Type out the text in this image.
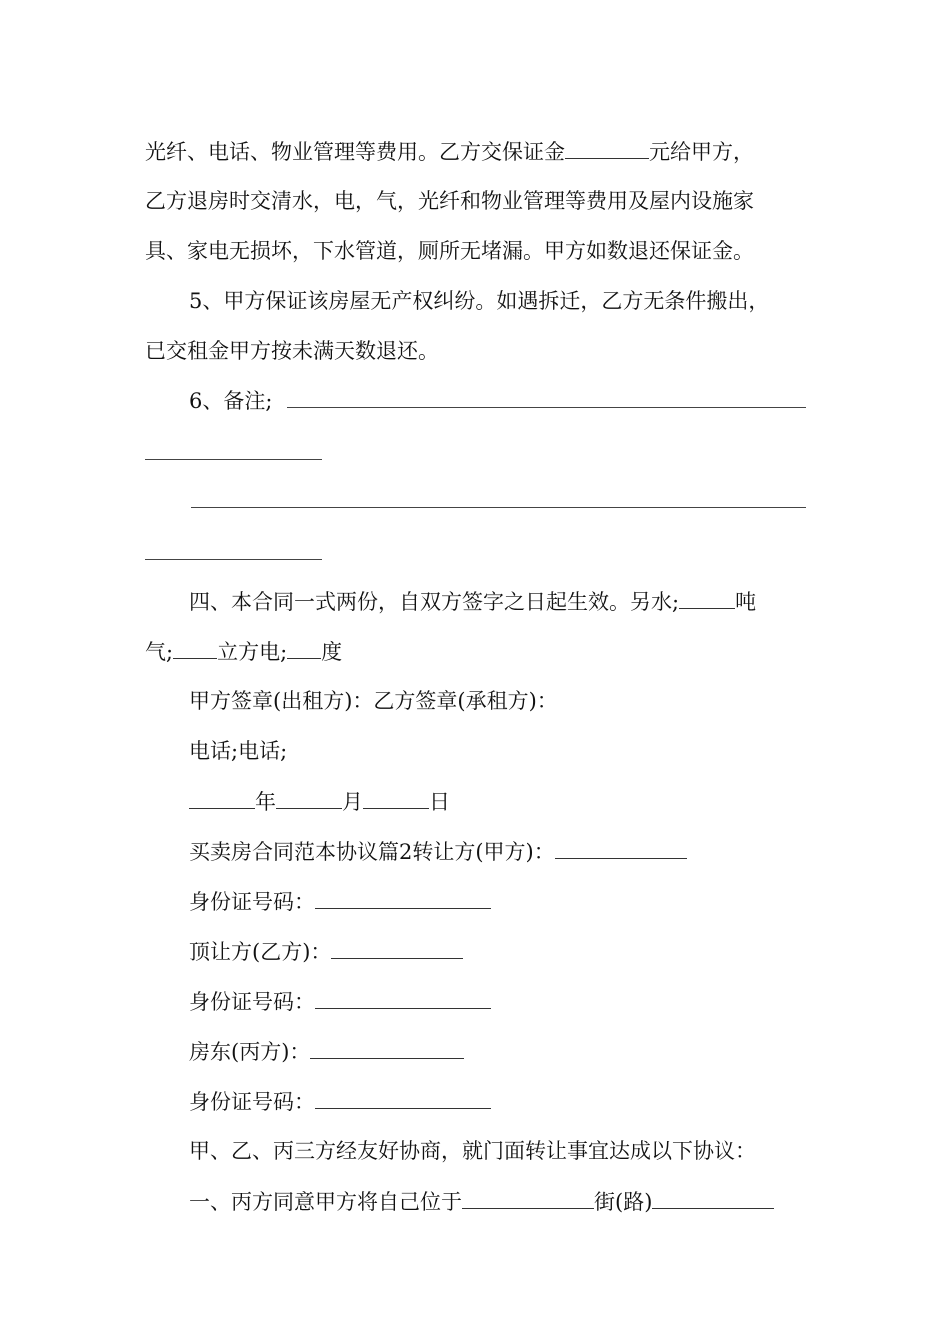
光纤、电话、物业管理等费用。乙方交保证金	元给甲方，
乙方退房时交清水，电，气，光纤和物业管理等费用及屋内设施家
具、家电无损坏，下水管道，厕所无堵漏。甲方如数退还保证金。
5、甲方保证该房屋无产权纠纷。如遇拆迁，乙方无条件搬出，
已交租金甲方按未满天数退还。
6、备注;
四、本合同一式两份，自双方签字之日起生效。另水;	吨
气; 立方电; 度
甲方签章(出租方)：乙方签章(承租方)：
电话;电话;
年	月	日
买卖房合同范本协议篇2转让方(甲方)：
身份证号码：
顶让方(乙方)：
身份证号码：
房东(丙方)：
身份证号码：
甲、乙、丙三方经友好协商，就门面转让事宜达成以下协议：
一、丙方同意甲方将自己位于	街(路)
